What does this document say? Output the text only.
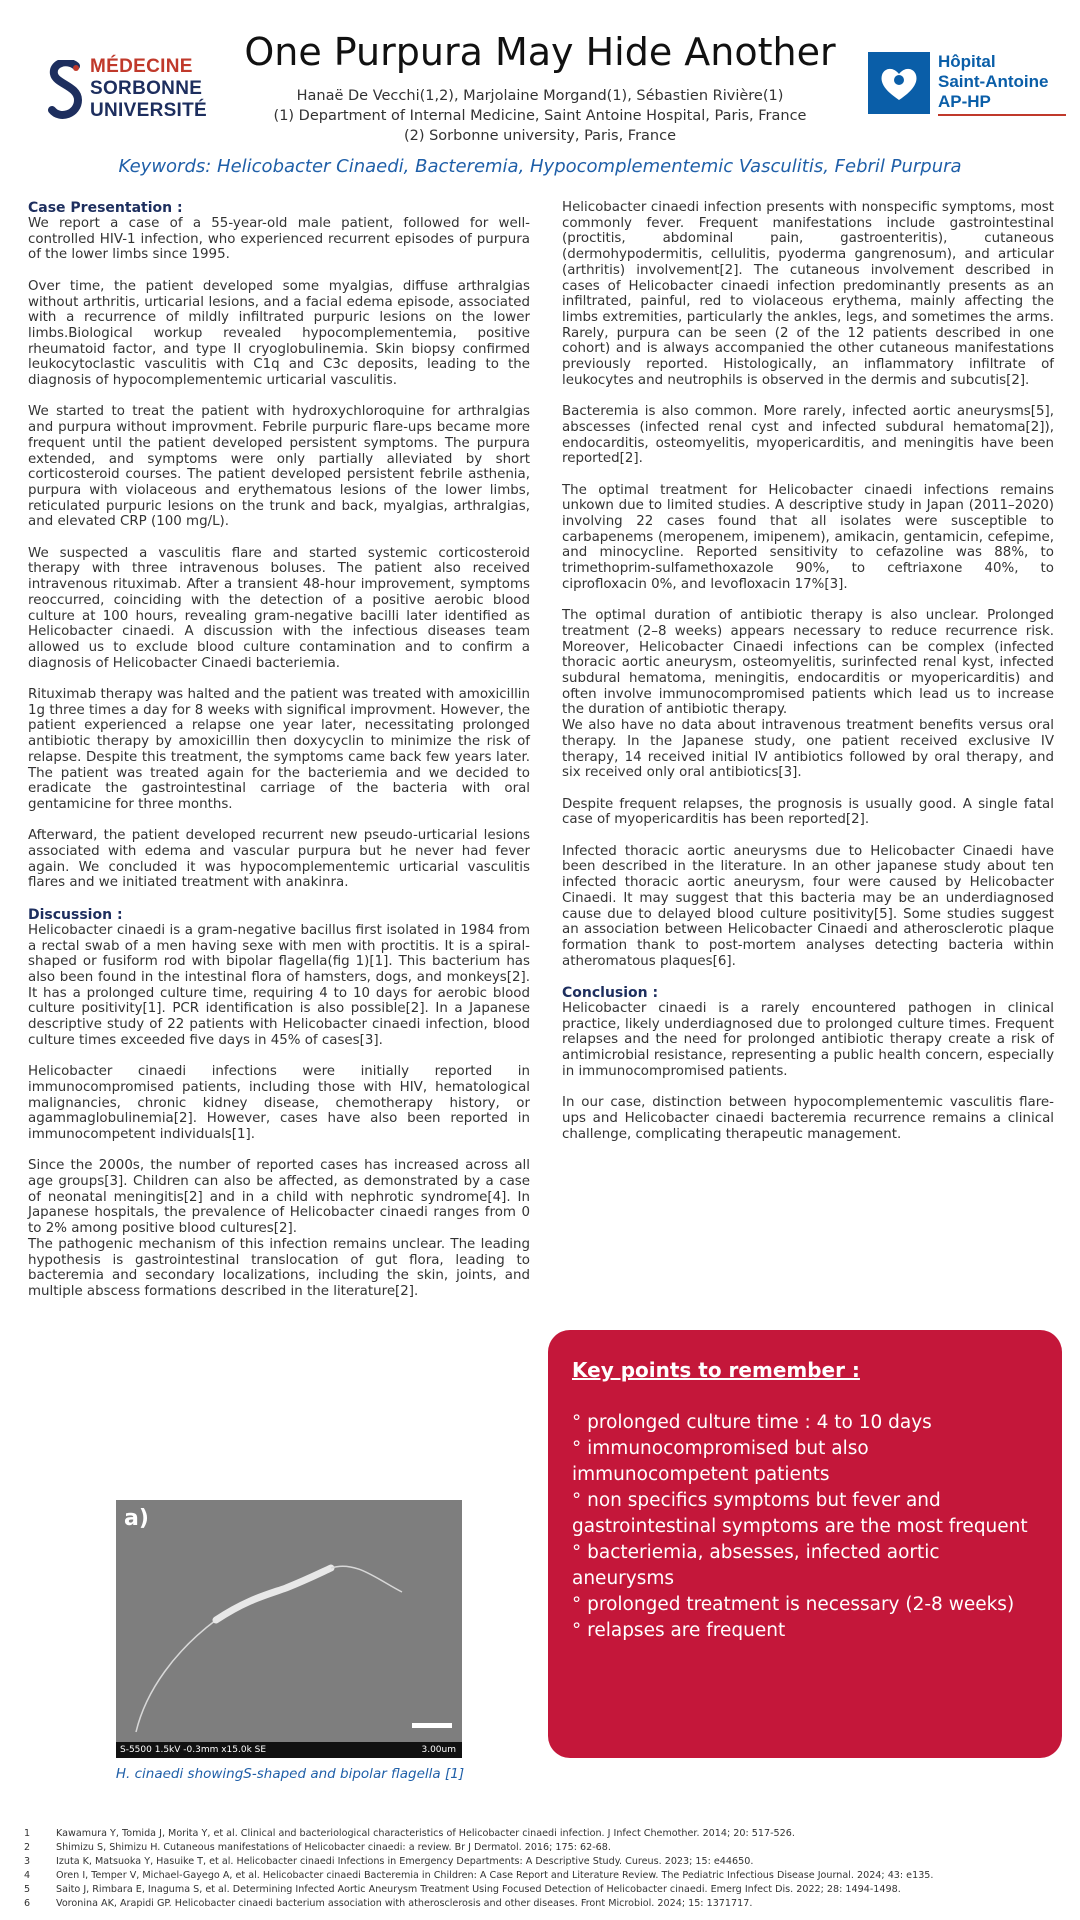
MÉDECINE
SORBONNE
UNIVERSITÉ
Hôpital
Saint-Antoine
AP-HP
One Purpura May Hide Another
Hanaë De Vecchi(1,2), Marjolaine Morgand(1), Sébastien Rivière(1)
(1) Department of Internal Medicine, Saint Antoine Hospital, Paris, France
(2) Sorbonne university, Paris, France
Keywords: Helicobacter Cinaedi, Bacteremia, Hypocomplementemic Vasculitis, Febril Purpura
Case Presentation :

We report a case of a 55-year-old male patient, followed for well-controlled HIV-1 infection, who experienced recurrent episodes of purpura of the lower limbs since 1995.

Over time, the patient developed some myalgias, diffuse arthralgias without arthritis, urticarial lesions, and a facial edema episode, associated with a recurrence of mildly infiltrated purpuric lesions on the lower limbs.Biological workup revealed hypocomplementemia, positive rheumatoid factor, and type II cryoglobulinemia. Skin biopsy confirmed leukocytoclastic vasculitis with C1q and C3c deposits, leading to the diagnosis of hypocomplementemic urticarial vasculitis.

We started to treat the patient with hydroxychloroquine for arthralgias and purpura without improvment. Febrile purpuric flare-ups became more frequent until the patient developed persistent symptoms. The purpura extended, and symptoms were only partially alleviated by short corticosteroid courses. The patient developed persistent febrile asthenia, purpura with violaceous and erythematous lesions of the lower limbs, reticulated purpuric lesions on the trunk and back, myalgias, arthralgias, and elevated CRP (100 mg/L).

We suspected a vasculitis flare and started systemic corticosteroid therapy with three intravenous boluses. The patient also received intravenous rituximab. After a transient 48-hour improvement, symptoms reoccurred, coinciding with the detection of a positive aerobic blood culture at 100 hours, revealing gram-negative bacilli later identified as Helicobacter cinaedi. A discussion with the infectious diseases team allowed us to exclude blood culture contamination and to confirm a diagnosis of Helicobacter Cinaedi bacteriemia.

Rituximab therapy was halted and the patient was treated with amoxicillin 1g three times a day for 8 weeks with significal improvment. However, the patient experienced a relapse one year later, necessitating prolonged antibiotic therapy by amoxicillin then doxycyclin to minimize the risk of relapse. Despite this treatment, the symptoms came back few years later. The patient was treated again for the bacteriemia and we decided to eradicate the gastrointestinal carriage of the bacteria with oral gentamicine for three months.

Afterward, the patient developed recurrent new pseudo-urticarial lesions associated with edema and vascular purpura but he never had fever again. We concluded it was hypocomplementemic urticarial vasculitis flares and we initiated treatment with anakinra.

Discussion :

Helicobacter cinaedi is a gram-negative bacillus first isolated in 1984 from a rectal swab of a men having sexe with men with proctitis. It is a spiral-shaped or fusiform rod with bipolar flagella(fig 1)[1]. This bacterium has also been found in the intestinal flora of hamsters, dogs, and monkeys[2]. It has a prolonged culture time, requiring 4 to 10 days for aerobic blood culture positivity[1]. PCR identification is also possible[2]. In a Japanese descriptive study of 22 patients with Helicobacter cinaedi infection, blood culture times exceeded five days in 45% of cases[3].

Helicobacter cinaedi infections were initially reported in immunocompromised patients, including those with HIV, hematological malignancies, chronic kidney disease, chemotherapy history, or agammaglobulinemia[2]. However, cases have also been reported in immunocompetent individuals[1].

Since the 2000s, the number of reported cases has increased across all age groups[3]. Children can also be affected, as demonstrated by a case of neonatal meningitis[2] and in a child with nephrotic syndrome[4]. In Japanese hospitals, the prevalence of Helicobacter cinaedi ranges from 0 to 2% among positive blood cultures[2].

The pathogenic mechanism of this infection remains unclear. The leading hypothesis is gastrointestinal translocation of gut flora, leading to bacteremia and secondary localizations, including the skin, joints, and multiple abscess formations described in the literature[2].

a)
S-5500 1.5kV -0.3mm x15.0k SE	3.00um
H. cinaedi showingS-shaped and bipolar flagella [1]

Helicobacter cinaedi infection presents with nonspecific symptoms, most commonly fever. Frequent manifestations include gastrointestinal (proctitis, abdominal pain, gastroenteritis), cutaneous (dermohypodermitis, cellulitis, pyoderma gangrenosum), and articular (arthritis) involvement[2]. The cutaneous involvement described in cases of Helicobacter cinaedi infection predominantly presents as an infiltrated, painful, red to violaceous erythema, mainly affecting the limbs extremities, particularly the ankles, legs, and sometimes the arms. Rarely, purpura can be seen (2 of the 12 patients described in one cohort) and is always accompanied the other cutaneous manifestations previously reported. Histologically, an inflammatory infiltrate of leukocytes and neutrophils is observed in the dermis and subcutis[2].

Bacteremia is also common. More rarely, infected aortic aneurysms[5], abscesses (infected renal cyst and infected subdural hematoma[2]), endocarditis, osteomyelitis, myopericarditis, and meningitis have been reported[2].

The optimal treatment for Helicobacter cinaedi infections remains unkown due to limited studies. A descriptive study in Japan (2011–2020) involving 22 cases found that all isolates were susceptible to carbapenems (meropenem, imipenem), amikacin, gentamicin, cefepime, and minocycline. Reported sensitivity to cefazoline was 88%, to trimethoprim-sulfamethoxazole 90%, to ceftriaxone 40%, to ciprofloxacin 0%, and levofloxacin 17%[3].

The optimal duration of antibiotic therapy is also unclear. Prolonged treatment (2–8 weeks) appears necessary to reduce recurrence risk. Moreover, Helicobacter Cinaedi infections can be complex (infected thoracic aortic aneurysm, osteomyelitis, surinfected renal kyst, infected subdural hematoma, meningitis, endocarditis or myopericarditis) and often involve immunocompromised patients which lead us to increase the duration of antibiotic therapy.

We also have no data about intravenous treatment benefits versus oral therapy. In the Japanese study, one patient received exclusive IV therapy, 14 received initial IV antibiotics followed by oral therapy, and six received only oral antibiotics[3].

Despite frequent relapses, the prognosis is usually good. A single fatal case of myopericarditis has been reported[2].

Infected thoracic aortic aneurysms due to Helicobacter Cinaedi have been described in the literature. In an other japanese study about ten infected thoracic aortic aneurysm, four were caused by Helicobacter Cinaedi. It may suggest that this bacteria may be an underdiagnosed cause due to delayed blood culture positivity[5]. Some studies suggest an association between Helicobacter Cinaedi and atherosclerotic plaque formation thank to post-mortem analyses detecting bacteria within atheromatous plaques[6].

Conclusion :

Helicobacter cinaedi is a rarely encountered pathogen in clinical practice, likely underdiagnosed due to prolonged culture times. Frequent relapses and the need for prolonged antibiotic therapy create a risk of antimicrobial resistance, representing a public health concern, especially in immunocompromised patients.

In our case, distinction between hypocomplementemic vasculitis flare-ups and Helicobacter cinaedi bacteremia recurrence remains a clinical challenge, complicating therapeutic management.

Key points to remember :
° prolonged culture time : 4 to 10 days
° immunocompromised but also immunocompetent patients
° non specifics symptoms but fever and gastrointestinal symptoms are the most frequent
° bacteriemia, absesses, infected aortic aneurysms
° prolonged treatment is necessary (2-8 weeks)
° relapses are frequent
1	Kawamura Y, Tomida J, Morita Y, et al. Clinical and bacteriological characteristics of Helicobacter cinaedi infection. J Infect Chemother. 2014; 20: 517-526.
2	Shimizu S, Shimizu H. Cutaneous manifestations of Helicobacter cinaedi: a review. Br J Dermatol. 2016; 175: 62-68.
3	Izuta K, Matsuoka Y, Hasuike T, et al. Helicobacter cinaedi Infections in Emergency Departments: A Descriptive Study. Cureus. 2023; 15: e44650.
4	Oren I, Temper V, Michael-Gayego A, et al. Helicobacter cinaedi Bacteremia in Children: A Case Report and Literature Review. The Pediatric Infectious Disease Journal. 2024; 43: e135.
5	Saito J, Rimbara E, Inaguma S, et al. Determining Infected Aortic Aneurysm Treatment Using Focused Detection of Helicobacter cinaedi. Emerg Infect Dis. 2022; 28: 1494-1498.
6	Voronina AK, Arapidi GP. Helicobacter cinaedi bacterium association with atherosclerosis and other diseases. Front Microbiol. 2024; 15: 1371717.
